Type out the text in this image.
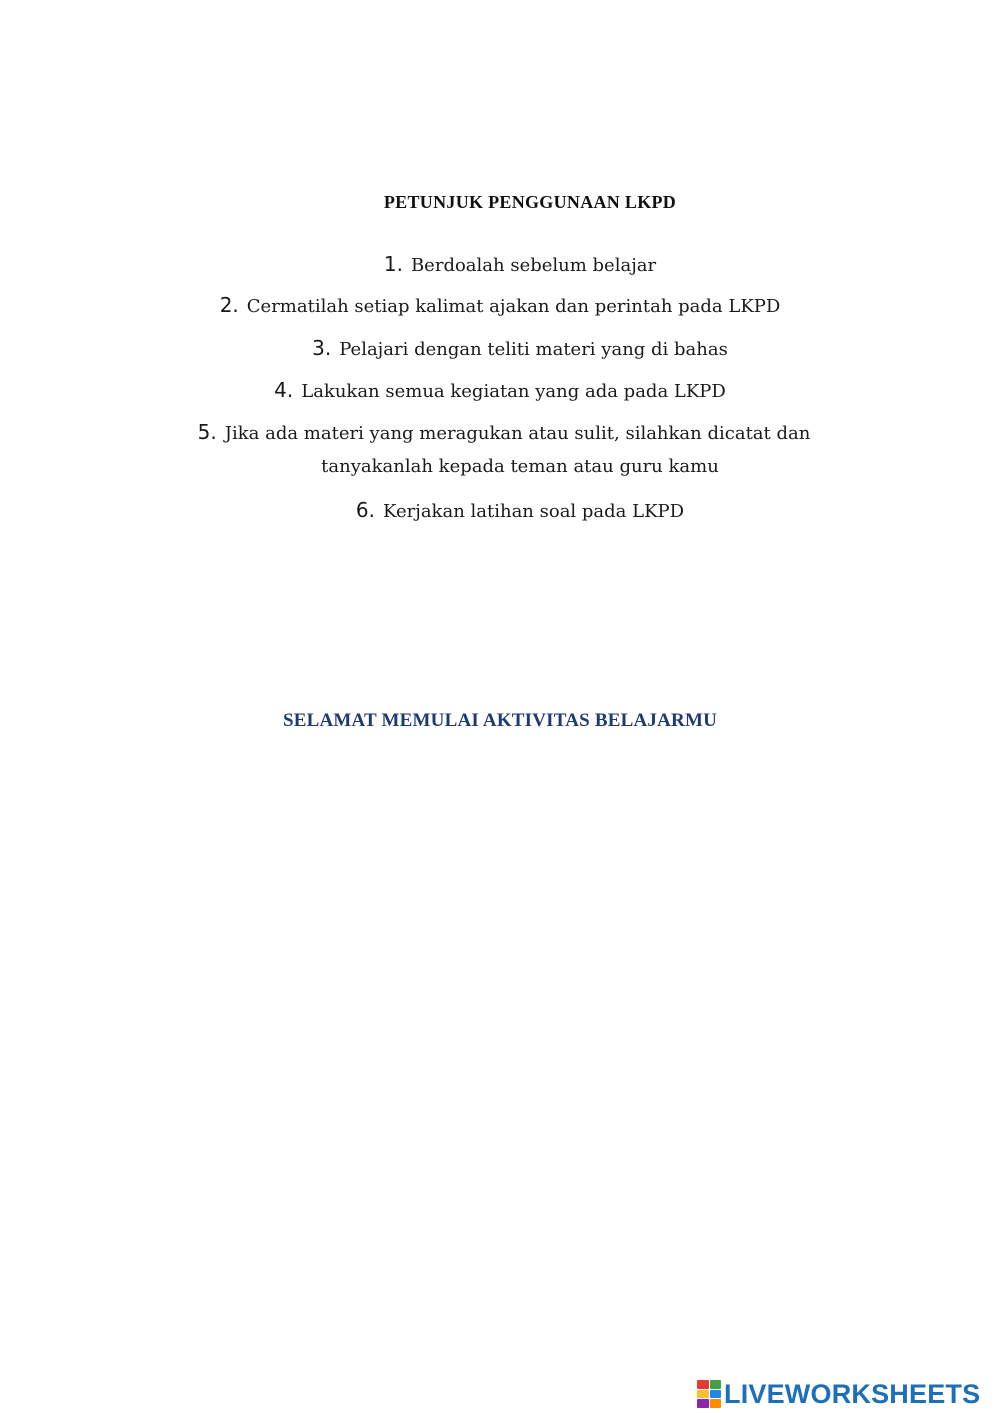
PETUNJUK PENGGUNAAN LKPD
1. Berdoalah sebelum belajar
2. Cermatilah setiap kalimat ajakan dan perintah pada LKPD
3. Pelajari dengan teliti materi yang di bahas
4. Lakukan semua kegiatan yang ada pada LKPD
5. Jika ada materi yang meragukan atau sulit, silahkan dicatat dan
tanyakanlah kepada teman atau guru kamu
6. Kerjakan latihan soal pada LKPD
SELAMAT MEMULAI AKTIVITAS BELAJARMU
LIVEWORKSHEETS
